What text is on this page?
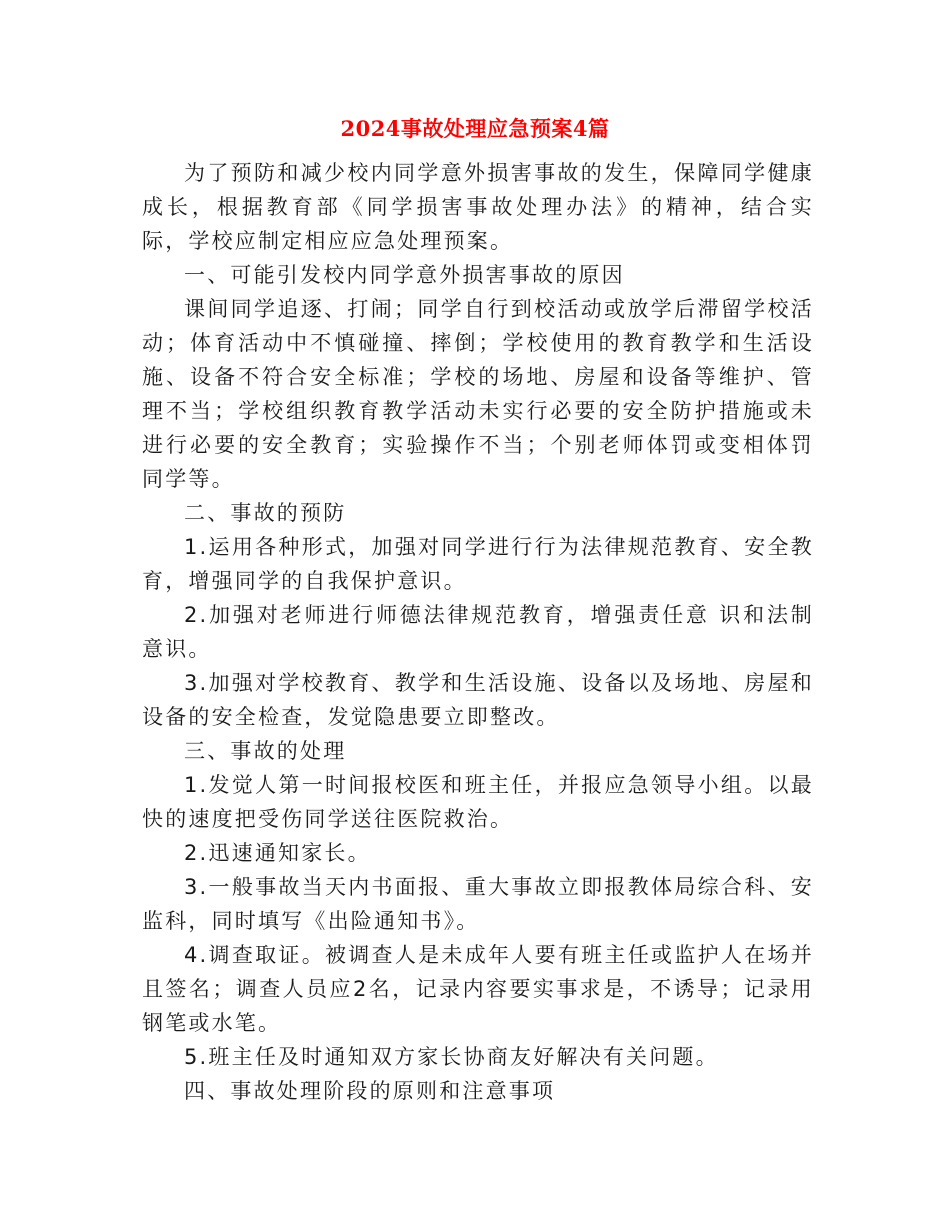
2024事故处理应急预案4篇

为了预防和减少校内同学意外损害事故的发生，保障同学健康成长，根据教育部《同学损害事故处理办法》的精神，结合实际，学校应制定相应应急处理预案。

一、可能引发校内同学意外损害事故的原因

课间同学追逐、打闹；同学自行到校活动或放学后滞留学校活动；体育活动中不慎碰撞、摔倒；学校使用的教育教学和生活设施、设备不符合安全标准；学校的场地、房屋和设备等维护、管理不当；学校组织教育教学活动未实行必要的安全防护措施或未进行必要的安全教育；实验操作不当；个别老师体罚或变相体罚同学等。

二、事故的预防

1.运用各种形式，加强对同学进行行为法律规范教育、安全教育，增强同学的自我保护意识。

2.加强对老师进行师德法律规范教育，增强责任意 识和法制意识。

3.加强对学校教育、教学和生活设施、设备以及场地、房屋和设备的安全检查，发觉隐患要立即整改。

三、事故的处理

1.发觉人第一时间报校医和班主任，并报应急领导小组。以最快的速度把受伤同学送往医院救治。

2.迅速通知家长。

3.一般事故当天内书面报、重大事故立即报教体局综合科、安监科，同时填写《出险通知书》。

4.调查取证。被调查人是未成年人要有班主任或监护人在场并且签名；调查人员应2名，记录内容要实事求是，不诱导；记录用钢笔或水笔。

5.班主任及时通知双方家长协商友好解决有关问题。

四、事故处理阶段的原则和注意事项
